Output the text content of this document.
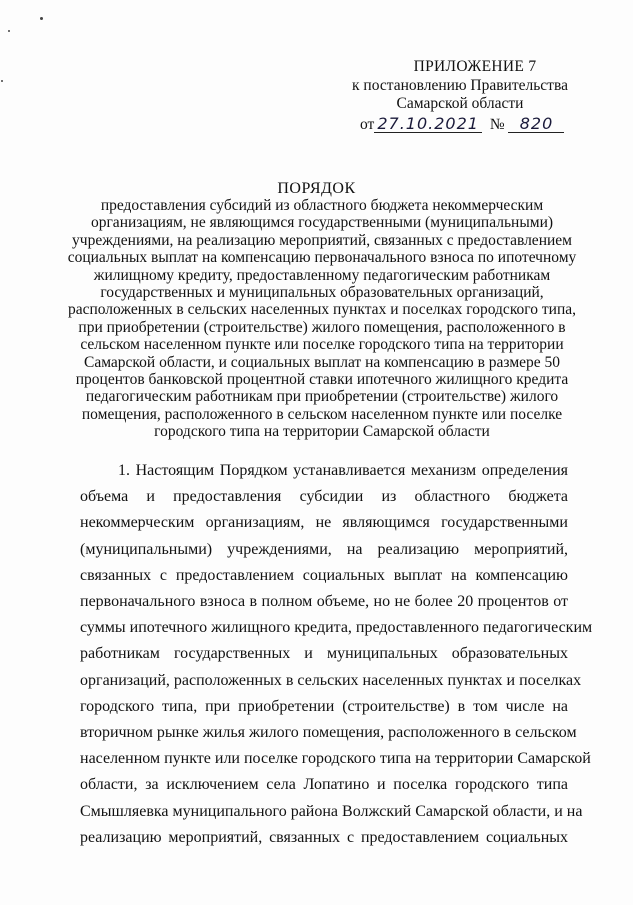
ПРИЛОЖЕНИЕ 7
к постановлению Правительства
Самарской области
от 27.10.2021 № 820
ПОРЯДОК
предоставления субсидий из областного бюджета некоммерческим
организациям, не являющимся государственными (муниципальными)
учреждениями, на реализацию мероприятий, связанных с предоставлением
социальных выплат на компенсацию первоначального взноса по ипотечному
жилищному кредиту, предоставленному педагогическим работникам
государственных и муниципальных образовательных организаций,
расположенных в сельских населенных пунктах и поселках городского типа,
при приобретении (строительстве) жилого помещения, расположенного в
сельском населенном пункте или поселке городского типа на территории
Самарской области, и социальных выплат на компенсацию в размере 50
процентов банковской процентной ставки ипотечного жилищного кредита
педагогическим работникам при приобретении (строительстве) жилого
помещения, расположенного в сельском населенном пункте или поселке
городского типа на территории Самарской области
1. Настоящим Порядком устанавливается механизм определения
объема и предоставления субсидии из областного бюджета
некоммерческим организациям, не являющимся государственными
(муниципальными) учреждениями, на реализацию мероприятий,
связанных с предоставлением социальных выплат на компенсацию
первоначального взноса в полном объеме, но не более 20 процентов от
суммы ипотечного жилищного кредита, предоставленного педагогическим
работникам государственных и муниципальных образовательных
организаций, расположенных в сельских населенных пунктах и поселках
городского типа, при приобретении (строительстве) в том числе на
вторичном рынке жилья жилого помещения, расположенного в сельском
населенном пункте или поселке городского типа на территории Самарской
области, за исключением села Лопатино и поселка городского типа
Смышляевка муниципального района Волжский Самарской области, и на
реализацию мероприятий, связанных с предоставлением социальных
